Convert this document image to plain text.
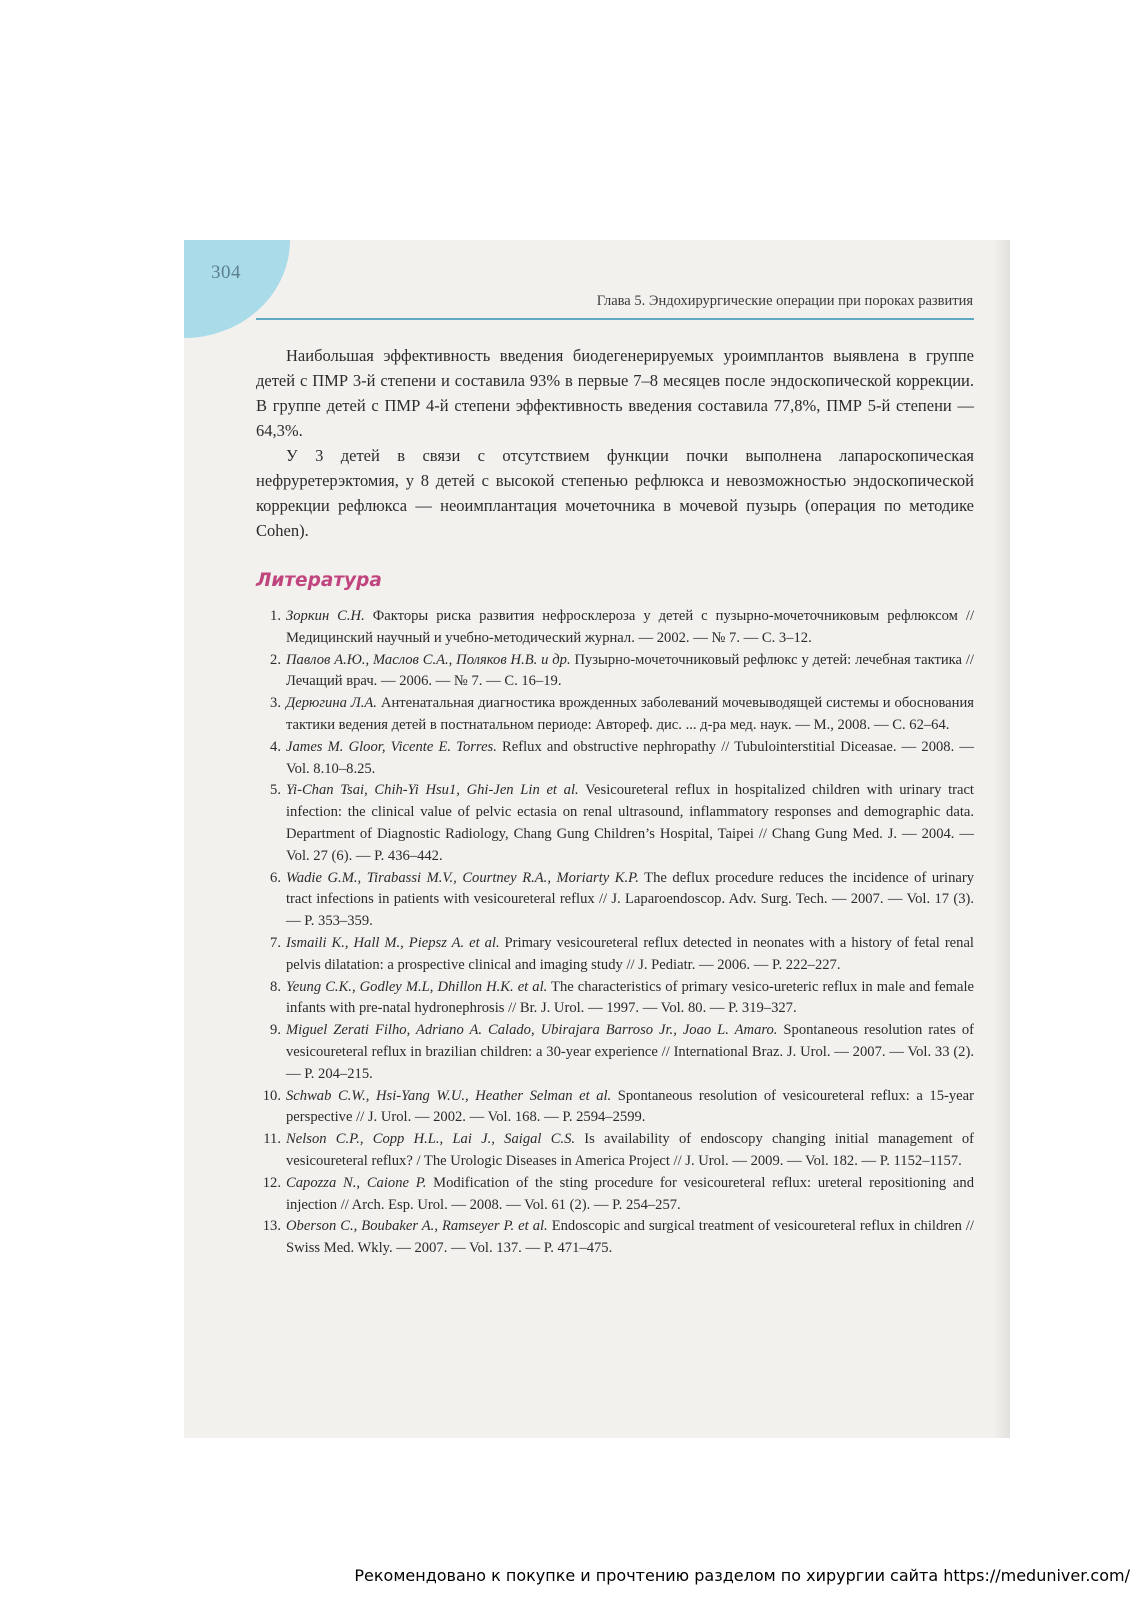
304
Глава 5. Эндохирургические операции при пороках развития

Наибольшая эффективность введения биодегенерируемых уроимплантов выявлена в группе детей с ПМР 3-й степени и составила 93% в первые 7–8 месяцев после эндоскопической коррекции. В группе детей с ПМР 4-й степени эффективность введения составила 77,8%, ПМР 5-й степени — 64,3%.

У 3 детей в связи с отсутствием функции почки выполнена лапароскопическая нефруретерэктомия, у 8 детей с высокой степенью рефлюкса и невозможностью эндоскопической коррекции рефлюкса — неоимплантация мочеточника в мочевой пузырь (операция по методике Cohen).

Литература
1. Зоркин С.Н. Факторы риска развития нефросклероза у детей с пузырно-мочеточниковым рефлюксом // Медицинский научный и учебно-методический журнал. — 2002. — № 7. — С. 3–12.
2. Павлов А.Ю., Маслов С.А., Поляков Н.В. и др. Пузырно-мочеточниковый рефлюкс у детей: лечебная тактика // Лечащий врач. — 2006. — № 7. — С. 16–19.
3. Дерюгина Л.А. Антенатальная диагностика врожденных заболеваний мочевыводящей системы и обоснования тактики ведения детей в постнатальном периоде: Автореф. дис. ... д-ра мед. наук. — М., 2008. — С. 62–64.
4. James M. Gloor, Vicente E. Torres. Reflux and obstructive nephropathy // Tubulointerstitial Diceasae. — 2008. — Vol. 8.10–8.25.
5. Yi-Chan Tsai, Chih-Yi Hsu1, Ghi-Jen Lin et al. Vesicoureteral reflux in hospitalized children with urinary tract infection: the clinical value of pelvic ectasia on renal ultrasound, inflammatory responses and demographic data. Department of Diagnostic Radiology, Chang Gung Children’s Hospital, Taipei // Chang Gung Med. J. — 2004. — Vol. 27 (6). — P. 436–442.
6. Wadie G.M., Tirabassi M.V., Courtney R.A., Moriarty K.P. The deflux procedure reduces the incidence of urinary tract infections in patients with vesicoureteral reflux // J. Laparoendoscop. Adv. Surg. Tech. — 2007. — Vol. 17 (3). — P. 353–359.
7. Ismaili K., Hall M., Piepsz A. et al. Primary vesicoureteral reflux detected in neonates with a history of fetal renal pelvis dilatation: a prospective clinical and imaging study // J. Pediatr. — 2006. — P. 222–227.
8. Yeung C.K., Godley M.L, Dhillon H.K. et al. The characteristics of primary vesico-ureteric reflux in male and female infants with pre-natal hydronephrosis // Br. J. Urol. — 1997. — Vol. 80. — P. 319–327.
9. Miguel Zerati Filho, Adriano A. Calado, Ubirajara Barroso Jr., Joao L. Amaro. Spontaneous resolution rates of vesicoureteral reflux in brazilian children: a 30-year experience // International Braz. J. Urol. — 2007. — Vol. 33 (2). — P. 204–215.
10. Schwab C.W., Hsi-Yang W.U., Heather Selman et al. Spontaneous resolution of vesicoureteral reflux: a 15-year perspective // J. Urol. — 2002. — Vol. 168. — P. 2594–2599.
11. Nelson C.P., Copp H.L., Lai J., Saigal C.S. Is availability of endoscopy changing initial management of vesicoureteral reflux? / The Urologic Diseases in America Project // J. Urol. — 2009. — Vol. 182. — P. 1152–1157.
12. Capozza N., Caione P. Modification of the sting procedure for vesicoureteral reflux: ureteral repositioning and injection // Arch. Esp. Urol. — 2008. — Vol. 61 (2). — P. 254–257.
13. Oberson C., Boubaker A., Ramseyer P. et al. Endoscopic and surgical treatment of vesicoureteral reflux in children // Swiss Med. Wkly. — 2007. — Vol. 137. — P. 471–475.
Рекомендовано к покупке и прочтению разделом по хирургии сайта https://meduniver.com/
